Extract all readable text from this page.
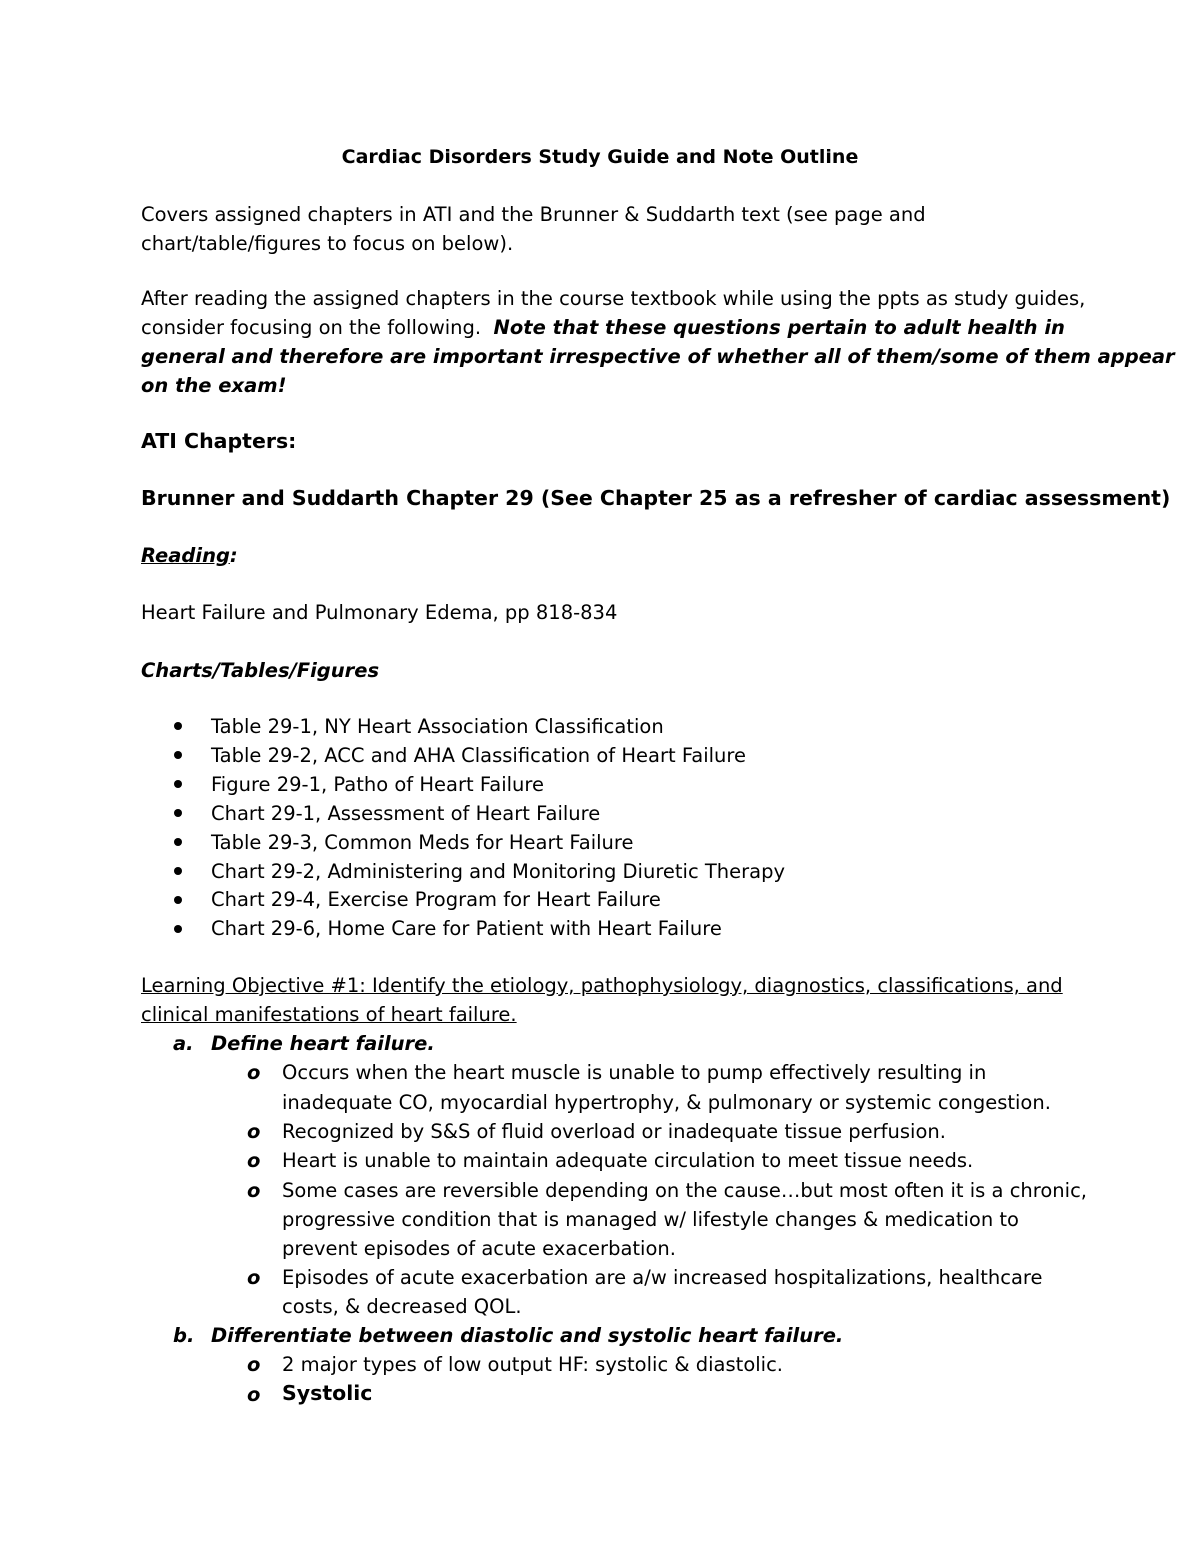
Cardiac Disorders Study Guide and Note Outline
Covers assigned chapters in ATI and the Brunner & Suddarth text (see page and
chart/table/figures to focus on below).
After reading the assigned chapters in the course textbook while using the ppts as study guides,
consider focusing on the following. Note that these questions pertain to adult health in
general and therefore are important irrespective of whether all of them/some of them appear
on the exam!
ATI Chapters:
Brunner and Suddarth Chapter 29 (See Chapter 25 as a refresher of cardiac assessment)
Reading:
Heart Failure and Pulmonary Edema, pp 818-834
Charts/Tables/Figures
Table 29-1, NY Heart Association Classification
Table 29-2, ACC and AHA Classification of Heart Failure
Figure 29-1, Patho of Heart Failure
Chart 29-1, Assessment of Heart Failure
Table 29-3, Common Meds for Heart Failure
Chart 29-2, Administering and Monitoring Diuretic Therapy
Chart 29-4, Exercise Program for Heart Failure
Chart 29-6, Home Care for Patient with Heart Failure
Learning Objective #1: Identify the etiology, pathophysiology, diagnostics, classifications, and
clinical manifestations of heart failure.
a. Define heart failure.
o Occurs when the heart muscle is unable to pump effectively resulting in
inadequate CO, myocardial hypertrophy, & pulmonary or systemic congestion.
o Recognized by S&S of fluid overload or inadequate tissue perfusion.
o Heart is unable to maintain adequate circulation to meet tissue needs.
o Some cases are reversible depending on the cause…but most often it is a chronic,
progressive condition that is managed w/ lifestyle changes & medication to
prevent episodes of acute exacerbation.
o Episodes of acute exacerbation are a/w increased hospitalizations, healthcare
costs, & decreased QOL.
b. Differentiate between diastolic and systolic heart failure.
o 2 major types of low output HF: systolic & diastolic.
o Systolic
